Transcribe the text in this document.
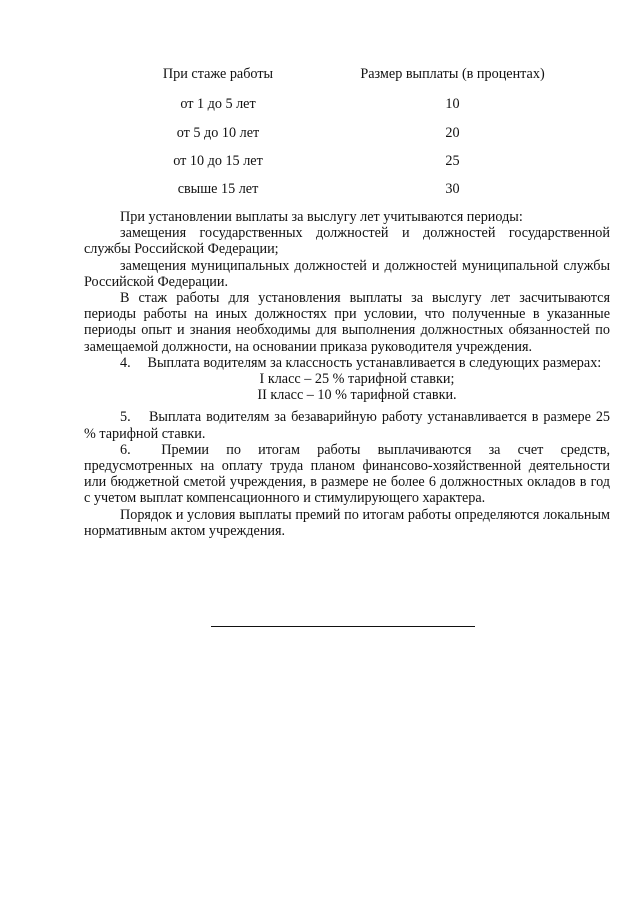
При стаже работы	Размер выплаты (в процентах)
от 1 до 5 лет	10
от 5 до 10 лет	20
от 10 до 15 лет	25
свыше 15 лет	30

При установлении выплаты за выслугу лет учитываются периоды:

замещения государственных должностей и должностей государственной службы Российской Федерации;

замещения муниципальных должностей и должностей муниципальной службы Российской Федерации.

В стаж работы для установления выплаты за выслугу лет засчитываются периоды работы на иных должностях при условии, что полученные в указанные периоды опыт и знания необходимы для выполнения должностных обязанностей по замещаемой должности, на основании приказа руководителя учреждения.

4. Выплата водителям за классность устанавливается в следующих размерах:

I класс – 25 % тарифной ставки;

II класс – 10 % тарифной ставки.

5. Выплата водителям за безаварийную работу устанавливается в размере 25 % тарифной ставки.

6. Премии по итогам работы выплачиваются за счет средств, предусмотренных на оплату труда планом финансово-хозяйственной деятельности или бюджетной сметой учреждения, в размере не более 6 должностных окладов в год с учетом выплат компенсационного и стимулирующего характера.

Порядок и условия выплаты премий по итогам работы определяются локальным нормативным актом учреждения.
